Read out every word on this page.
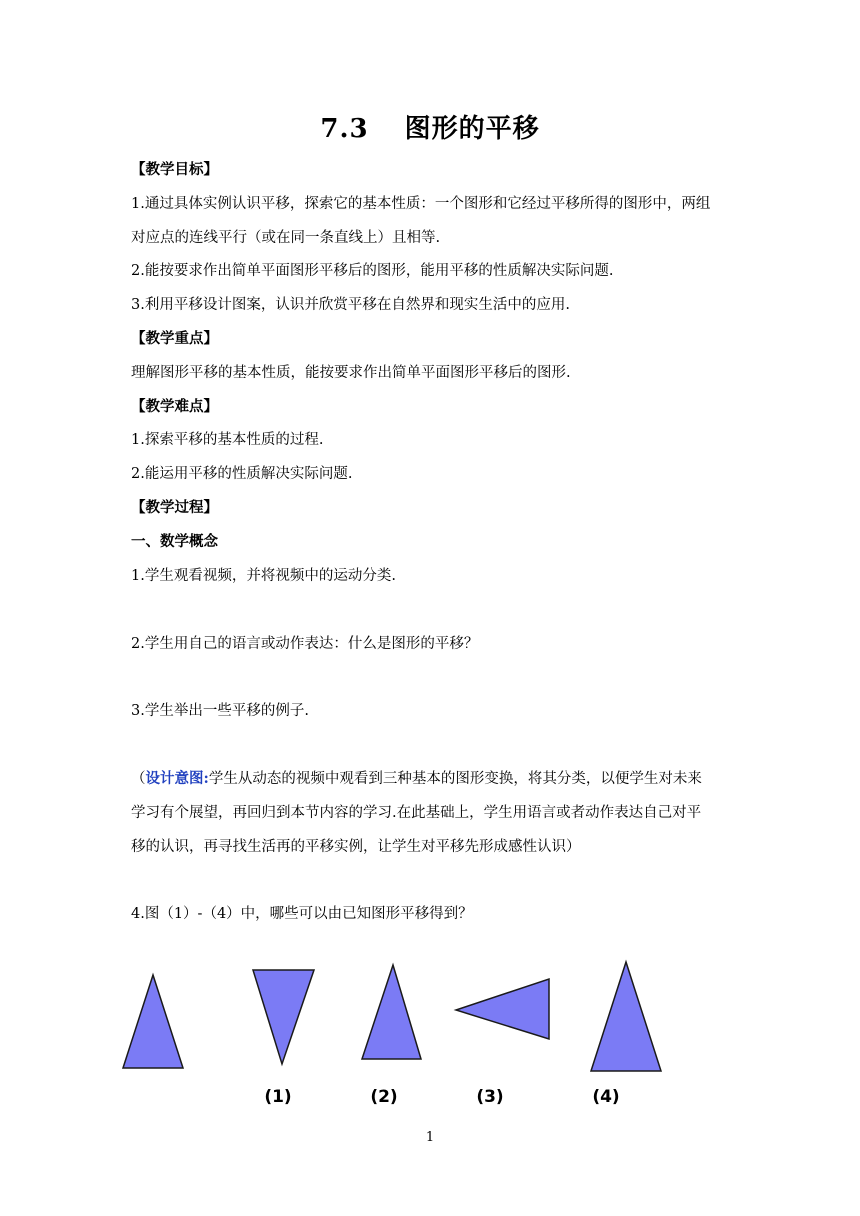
7.3 图形的平移
【教学目标】
1.通过具体实例认识平移，探索它的基本性质：一个图形和它经过平移所得的图形中，两组
对应点的连线平行（或在同一条直线上）且相等.
2.能按要求作出简单平面图形平移后的图形，能用平移的性质解决实际问题.
3.利用平移设计图案，认识并欣赏平移在自然界和现实生活中的应用.
【教学重点】
理解图形平移的基本性质，能按要求作出简单平面图形平移后的图形.
【教学难点】
1.探索平移的基本性质的过程.
2.能运用平移的性质解决实际问题.
【教学过程】
一、数学概念
1.学生观看视频，并将视频中的运动分类.
2.学生用自己的语言或动作表达：什么是图形的平移？
3.学生举出一些平移的例子.
（设计意图:学生从动态的视频中观看到三种基本的图形变换，将其分类，以便学生对未来
学习有个展望，再回归到本节内容的学习.在此基础上，学生用语言或者动作表达自己对平
移的认识，再寻找生活再的平移实例，让学生对平移先形成感性认识）
4.图（1）-（4）中，哪些可以由已知图形平移得到？
(1)	(2)	(3)	(4)
1
